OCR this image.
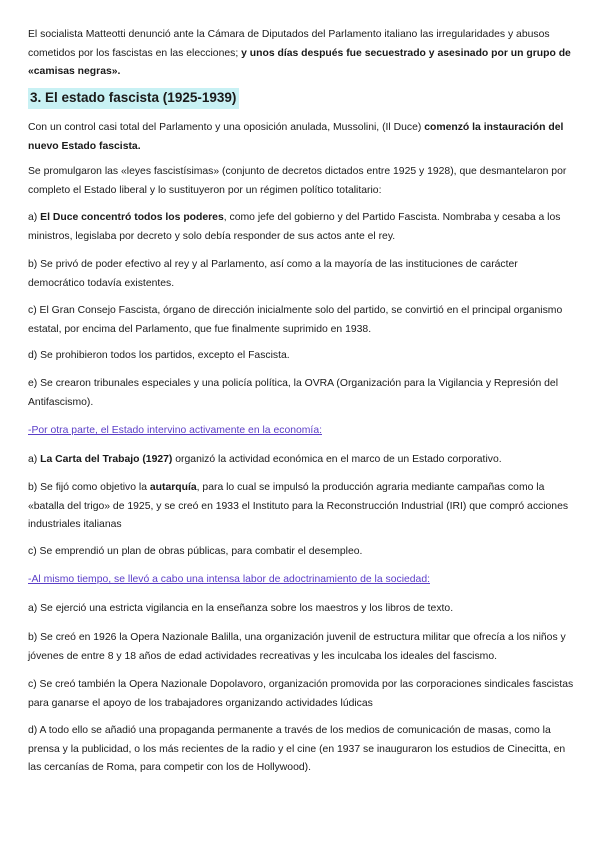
El socialista Matteotti denunció ante la Cámara de Diputados del Parlamento italiano las irregularidades y abusos cometidos por los fascistas en las elecciones; y unos días después fue secuestrado y asesinado por un grupo de «camisas negras».

3. El estado fascista (1925-1939)

Con un control casi total del Parlamento y una oposición anulada, Mussolini, (Il Duce) comenzó la instauración del nuevo Estado fascista.

Se promulgaron las «leyes fascistísimas» (conjunto de decretos dictados entre 1925 y 1928), que desmantelaron por completo el Estado liberal y lo sustituyeron por un régimen político totalitario:

a) El Duce concentró todos los poderes, como jefe del gobierno y del Partido Fascista. Nombraba y cesaba a los ministros, legislaba por decreto y solo debía responder de sus actos ante el rey.

b) Se privó de poder efectivo al rey y al Parlamento, así como a la mayoría de las instituciones de carácter democrático todavía existentes.

c) El Gran Consejo Fascista, órgano de dirección inicialmente solo del partido, se convirtió en el principal organismo estatal, por encima del Parlamento, que fue finalmente suprimido en 1938.

d) Se prohibieron todos los partidos, excepto el Fascista.

e) Se crearon tribunales especiales y una policía política, la OVRA (Organización para la Vigilancia y Represión del Antifascismo).

-Por otra parte, el Estado intervino activamente en la economía:

a) La Carta del Trabajo (1927) organizó la actividad económica en el marco de un Estado corporativo.

b) Se fijó como objetivo la autarquía, para lo cual se impulsó la producción agraria mediante campañas como la «batalla del trigo» de 1925, y se creó en 1933 el Instituto para la Reconstrucción Industrial (IRI) que compró acciones industriales italianas

c) Se emprendió un plan de obras públicas, para combatir el desempleo.

-Al mismo tiempo, se llevó a cabo una intensa labor de adoctrinamiento de la sociedad:

a) Se ejerció una estricta vigilancia en la enseñanza sobre los maestros y los libros de texto.

b) Se creó en 1926 la Opera Nazionale Balilla, una organización juvenil de estructura militar que ofrecía a los niños y jóvenes de entre 8 y 18 años de edad actividades recreativas y les inculcaba los ideales del fascismo.

c) Se creó también la Opera Nazionale Dopolavoro, organización promovida por las corporaciones sindicales fascistas para ganarse el apoyo de los trabajadores organizando actividades lúdicas

d) A todo ello se añadió una propaganda permanente a través de los medios de comunicación de masas, como la prensa y la publicidad, o los más recientes de la radio y el cine (en 1937 se inauguraron los estudios de Cinecitta, en las cercanías de Roma, para competir con los de Hollywood).
